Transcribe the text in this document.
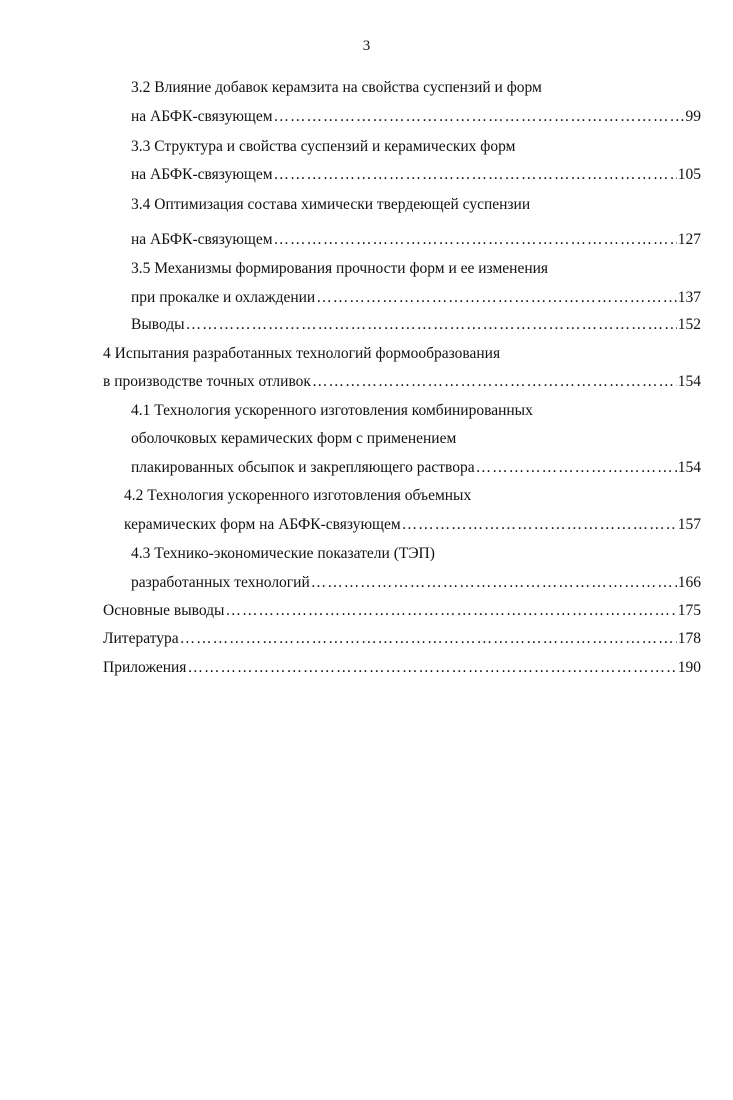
3
3.2 Влияние добавок керамзита на свойства суспензий и форм
на АБФК-связующем ……………………………………………………………………………………………………………………………………………………………	99
3.3 Структура и свойства суспензий и керамических форм
на АБФК-связующем ……………………………………………………………………………………………………………………………………………………………	105
3.4 Оптимизация состава химически твердеющей суспензии
на АБФК-связующем ……………………………………………………………………………………………………………………………………………………………	127
3.5 Механизмы формирования прочности форм и ее изменения
при прокалке и охлаждении ……………………………………………………………………………………………………………………………………………………………	137
Выводы ……………………………………………………………………………………………………………………………………………………………	152
4 Испытания разработанных технологий формообразования
в производстве точных отливок ……………………………………………………………………………………………………………………………………………………………	154
4.1 Технология ускоренного изготовления комбинированных
оболочковых керамических форм с применением
плакированных обсыпок и закрепляющего раствора ……………………………………………………………………………………………………………………………………………………………	154
4.2 Технология ускоренного изготовления объемных
керамических форм на АБФК-связующем ……………………………………………………………………………………………………………………………………………………………	157
4.3 Технико-экономические показатели (ТЭП)
разработанных технологий ……………………………………………………………………………………………………………………………………………………………	166
Основные выводы ……………………………………………………………………………………………………………………………………………………………	175
Литература ……………………………………………………………………………………………………………………………………………………………	178
Приложения ……………………………………………………………………………………………………………………………………………………………	190
